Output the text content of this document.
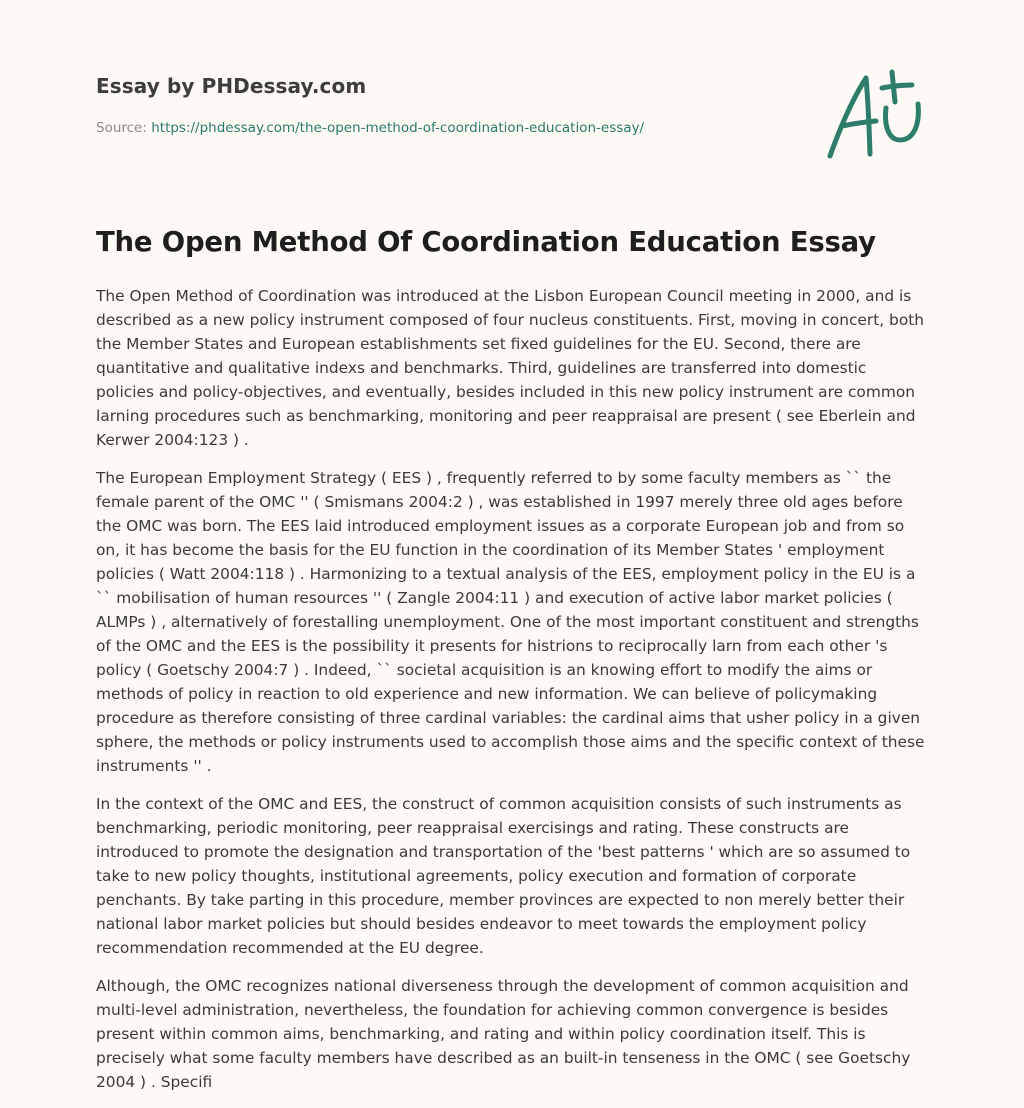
Essay by PHDessay.com
Source: https://phdessay.com/the-open-method-of-coordination-education-essay/
The Open Method Of Coordination Education Essay

The Open Method of Coordination was introduced at the Lisbon European Council meeting in 2000, and is described as a new policy instrument composed of four nucleus constituents. First, moving in concert, both the Member States and European establishments set fixed guidelines for the EU. Second, there are quantitative and qualitative indexs and benchmarks. Third, guidelines are transferred into domestic policies and policy-objectives, and eventually, besides included in this new policy instrument are common larning procedures such as benchmarking, monitoring and peer reappraisal are present ( see Eberlein and Kerwer 2004:123 ) .

The European Employment Strategy ( EES ) , frequently referred to by some faculty members as `` the female parent of the OMC '' ( Smismans 2004:2 ) , was established in 1997 merely three old ages before the OMC was born. The EES laid introduced employment issues as a corporate European job and from so on, it has become the basis for the EU function in the coordination of its Member States ' employment policies ( Watt 2004:118 ) . Harmonizing to a textual analysis of the EES, employment policy in the EU is a `` mobilisation of human resources '' ( Zangle 2004:11 ) and execution of active labor market policies ( ALMPs ) , alternatively of forestalling unemployment. One of the most important constituent and strengths of the OMC and the EES is the possibility it presents for histrions to reciprocally larn from each other 's policy ( Goetschy 2004:7 ) . Indeed, `` societal acquisition is an knowing effort to modify the aims or methods of policy in reaction to old experience and new information. We can believe of policymaking procedure as therefore consisting of three cardinal variables: the cardinal aims that usher policy in a given sphere, the methods or policy instruments used to accomplish those aims and the specific context of these instruments '' .

In the context of the OMC and EES, the construct of common acquisition consists of such instruments as benchmarking, periodic monitoring, peer reappraisal exercisings and rating. These constructs are introduced to promote the designation and transportation of the 'best patterns ' which are so assumed to take to new policy thoughts, institutional agreements, policy execution and formation of corporate penchants. By take parting in this procedure, member provinces are expected to non merely better their national labor market policies but should besides endeavor to meet towards the employment policy recommendation recommended at the EU degree.

Although, the OMC recognizes national diverseness through the development of common acquisition and multi-level administration, nevertheless, the foundation for achieving common convergence is besides present within common aims, benchmarking, and rating and within policy coordination itself. This is precisely what some faculty members have described as an built-in tenseness in the OMC ( see Goetschy 2004 ) . Specifi
